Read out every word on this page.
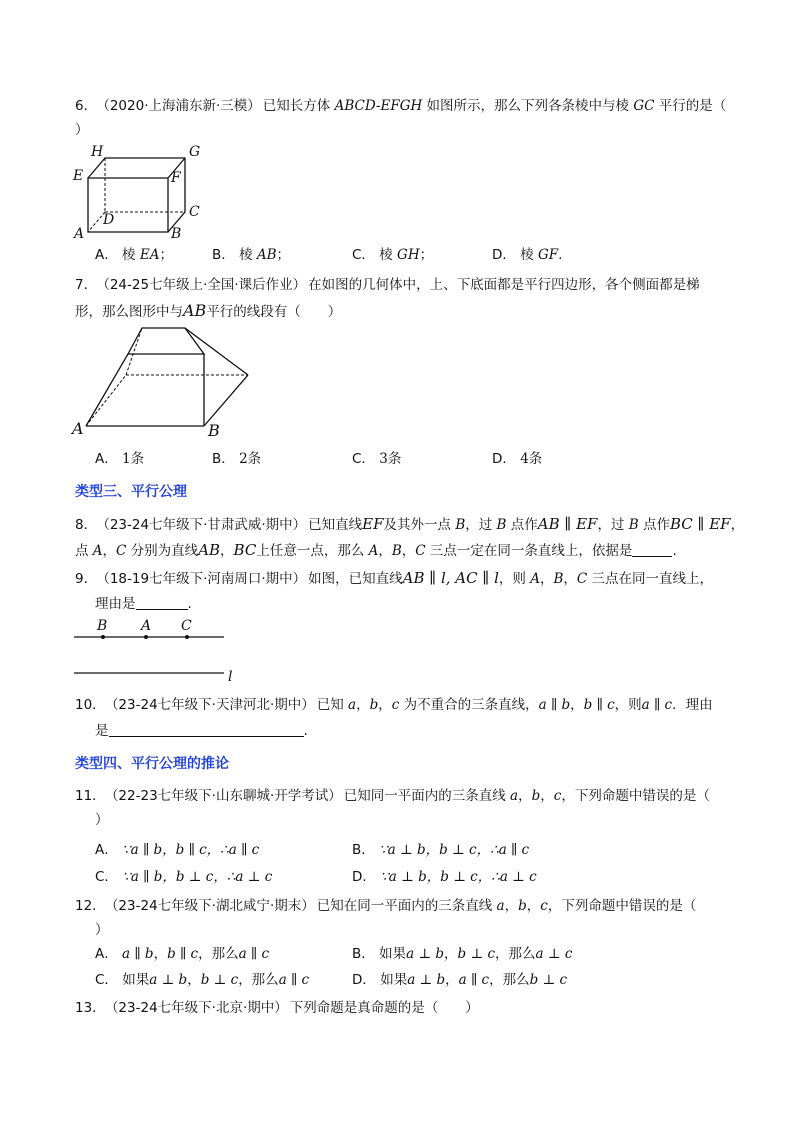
6． （2020·上海浦东新·三模） 已知长方体 ABCD-EFGH 如图所示，那么下列各条棱中与棱 GC 平行的是（
）
H	G
E	F
D	C
A	B
A． 棱 EA；	B． 棱 AB；	C． 棱 GH；	D． 棱 GF.
7． （24-25七年级上·全国·课后作业） 在如图的几何体中，上、下底面都是平行四边形，各个侧面都是梯
形，那么图形中与AB平行的线段有（　　）
A	B
A． 1条	B． 2条	C． 3条	D． 4条
类型三、平行公理
8． （23-24七年级下·甘肃武威·期中） 已知直线EF及其外一点 B，过 B 点作AB ∥ EF，过 B 点作BC ∥ EF，
点 A，C 分别为直线AB，BC上任意一点，那么 A，B，C 三点一定在同一条直线上，依据是	.
9． （18-19七年级下·河南周口·期中） 如图，已知直线AB ∥ l, AC ∥ l，则 A，B，C 三点在同一直线上，
理由是	.
B A C
l
10． （23-24七年级下·天津河北·期中） 已知 a，b，c 为不重合的三条直线，a ∥ b，b ∥ c，则a ∥ c．理由
是	.
类型四、平行公理的推论
11． （22-23七年级下·山东聊城·开学考试） 已知同一平面内的三条直线 a，b，c，下列命题中错误的是（
）
A． ∵a ∥ b，b ∥ c，∴a ∥ c	B． ∵a ⊥ b，b ⊥ c，∴a ∥ c
C． ∵a ∥ b，b ⊥ c，∴a ⊥ c	D． ∵a ⊥ b，b ⊥ c，∴a ⊥ c
12． （23-24七年级下·湖北咸宁·期末） 已知在同一平面内的三条直线 a，b，c，下列命题中错误的是（
）
A． a ∥ b，b ∥ c，那么a ∥ c	B． 如果a ⊥ b，b ⊥ c，那么a ⊥ c
C． 如果a ⊥ b，b ⊥ c，那么a ∥ c	D． 如果a ⊥ b，a ∥ c，那么b ⊥ c
13． （23-24七年级下·北京·期中） 下列命题是真命题的是（　　）
